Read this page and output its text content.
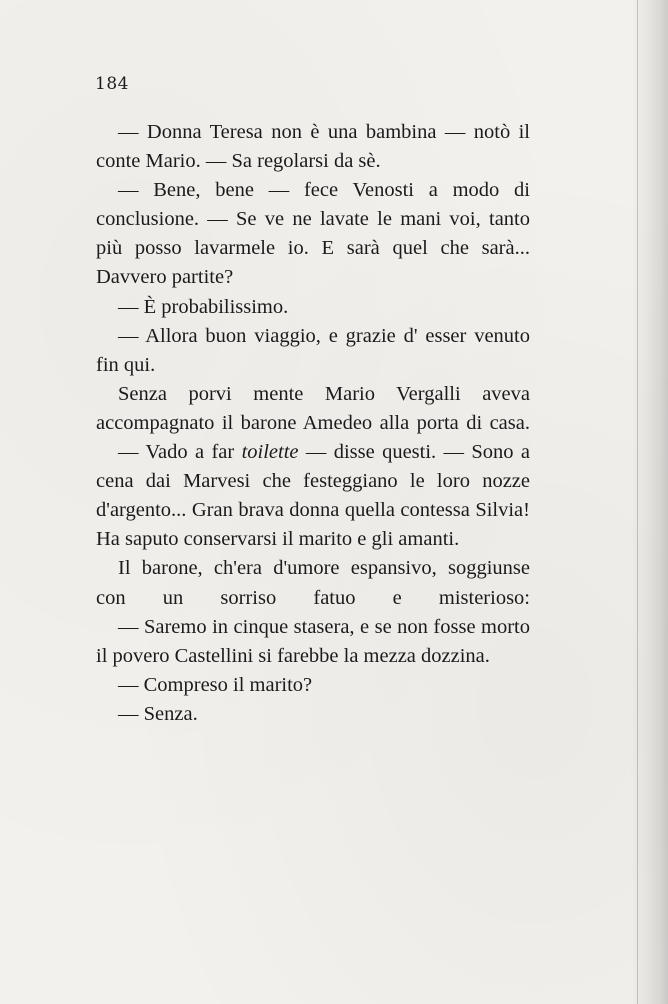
184

— Donna Teresa non è una bambina — notò il conte Mario. — Sa regolarsi da sè.

— Bene, bene — fece Venosti a modo di conclusione. — Se ve ne lavate le mani voi, tanto più posso lavarmele io. E sarà quel che sarà... Davvero partite?

— È probabilissimo.

— Allora buon viaggio, e grazie d' esser venuto fin qui.

Senza porvi mente Mario Vergalli aveva accompagnato il barone Amedeo alla porta di casa.

— Vado a far toilette — disse questi. — Sono a cena dai Marvesi che festeggiano le loro nozze d'argento... Gran brava donna quella contessa Silvia! Ha saputo conservarsi il marito e gli amanti.

Il barone, ch'era d'umore espansivo, soggiunse con un sorriso fatuo e misterioso:

— Saremo in cinque stasera, e se non fosse morto il povero Castellini si farebbe la mezza dozzina.

— Compreso il marito?

— Senza.
